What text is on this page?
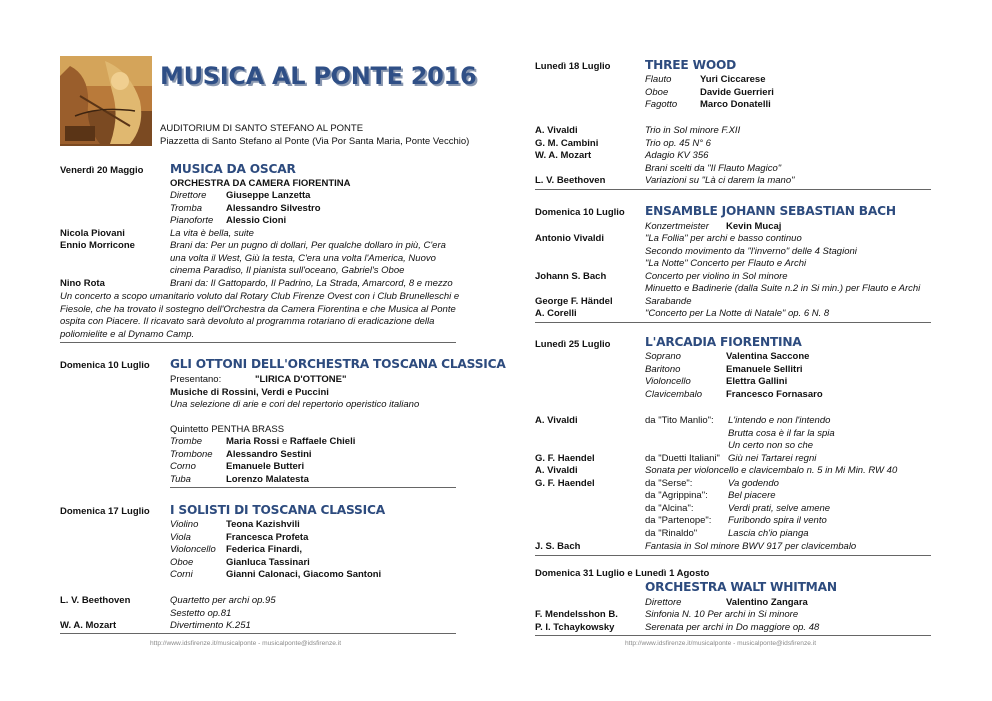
MUSICA AL PONTE 2016
AUDITORIUM DI SANTO STEFANO AL PONTE
Piazzetta di Santo Stefano al Ponte (Via Por Santa Maria, Ponte Vecchio)
Venerdì 20 Maggio MUSICA DA OSCAR
ORCHESTRA DA CAMERA FIORENTINA
Direttore Giuseppe Lanzetta
Tromba	Alessandro Silvestro
Pianoforte Alessio Cioni
Nicola Piovani	La vita è bella, suite
Ennio Morricone	Brani da: Per un pugno di dollari, Per qualche dollaro in più, C'era una volta il West, Giù la testa, C'era una volta l'America, Nuovo cinema Paradiso, Il pianista sull'oceano, Gabriel's Oboe
Nino Rota	Brani da: Il Gattopardo, Il Padrino, La Strada, Amarcord, 8 e mezzo
Un concerto a scopo umanitario voluto dal Rotary Club Firenze Ovest con i Club Brunelleschi e Fiesole, che ha trovato il sostegno dell'Orchestra da Camera Fiorentina e che Musica al Ponte ospita con Piacere. Il ricavato sarà devoluto al programma rotariano di eradicazione della poliomielite e al Dynamo Camp.
Domenica 10 Luglio GLI OTTONI DELL'ORCHESTRA TOSCANA CLASSICA
Presentano:	"LIRICA D'OTTONE"
Musiche di Rossini, Verdi e Puccini
Una selezione di arie e cori del repertorio operistico italiano
Quintetto PENTHA BRASS
Trombe	Maria Rossi e Raffaele Chieli
Trombone Alessandro Sestini
Corno	Emanuele Butteri
Tuba	Lorenzo Malatesta
Domenica 17 Luglio I SOLISTI DI TOSCANA CLASSICA
Violino	Teona Kazishvili
Viola	Francesca Profeta
Violoncello Federica Finardi,
Oboe	Gianluca Tassinari
Corni	Gianni Calonaci, Giacomo Santoni
L. V. Beethoven	Quartetto per archi op.95
Sestetto op.81
W. A. Mozart	Divertimento K.251
http://www.idsfirenze.it/musicalponte - musicalponte@idsfirenze.it
Lunedì 18 Luglio	THREE WOOD
Flauto	Yuri Ciccarese
Oboe	Davide Guerrieri
Fagotto Marco Donatelli
A. Vivaldi	Trio in Sol minore F.XII
G. M. Cambini	Trio op. 45 N° 6
W. A. Mozart	Adagio KV 356
Brani scelti da "Il Flauto Magico"
L. V. Beethoven	Variazioni su "Là ci darem la mano"
Domenica 10 Luglio ENSAMBLE JOHANN SEBASTIAN BACH
Konzertmeister Kevin Mucaj
Antonio Vivaldi	"La Follia" per archi e basso continuo
Secondo movimento da "l'inverno" delle 4 Stagioni
"La Notte" Concerto per Flauto e Archi
Johann S. Bach	Concerto per violino in Sol minore
Minuetto e Badinerie (dalla Suite n.2 in Si min.) per Flauto e Archi
George F. Händel	Sarabande
A. Corelli	"Concerto per La Notte di Natale" op. 6 N. 8
Lunedì 25 Luglio	L'ARCADIA FIORENTINA
Soprano	Valentina Saccone
Baritono	Emanuele Sellitri
Violoncello	Elettra Gallini
Clavicembalo	Francesco Fornasaro
A. Vivaldi	da "Tito Manlio": L'intendo e non l'intendo
Brutta cosa è il far la spia
Un certo non so che
G. F. Haendel	da "Duetti Italiani" Giù nei Tartarei regni
A. Vivaldi	Sonata per violoncello e clavicembalo n. 5 in Mi Min. RW 40
G. F. Haendel	da "Serse":	Va godendo
da "Agrippina": Bel piacere
da "Alcina":	Verdi prati, selve amene
da "Partenope": Furibondo spira il vento
da "Rinaldo"	Lascia ch'io pianga
J. S. Bach	Fantasia in Sol minore BWV 917 per clavicembalo
Domenica 31 Luglio e Lunedì 1 Agosto
ORCHESTRA WALT WHITMAN
Direttore	Valentino Zangara
F. Mendelsshon B.	Sinfonia N. 10 Per archi in Si minore
P. I. Tchaykowsky	Serenata per archi in Do maggiore op. 48
http://www.idsfirenze.it/musicalponte - musicalponte@idsfirenze.it
